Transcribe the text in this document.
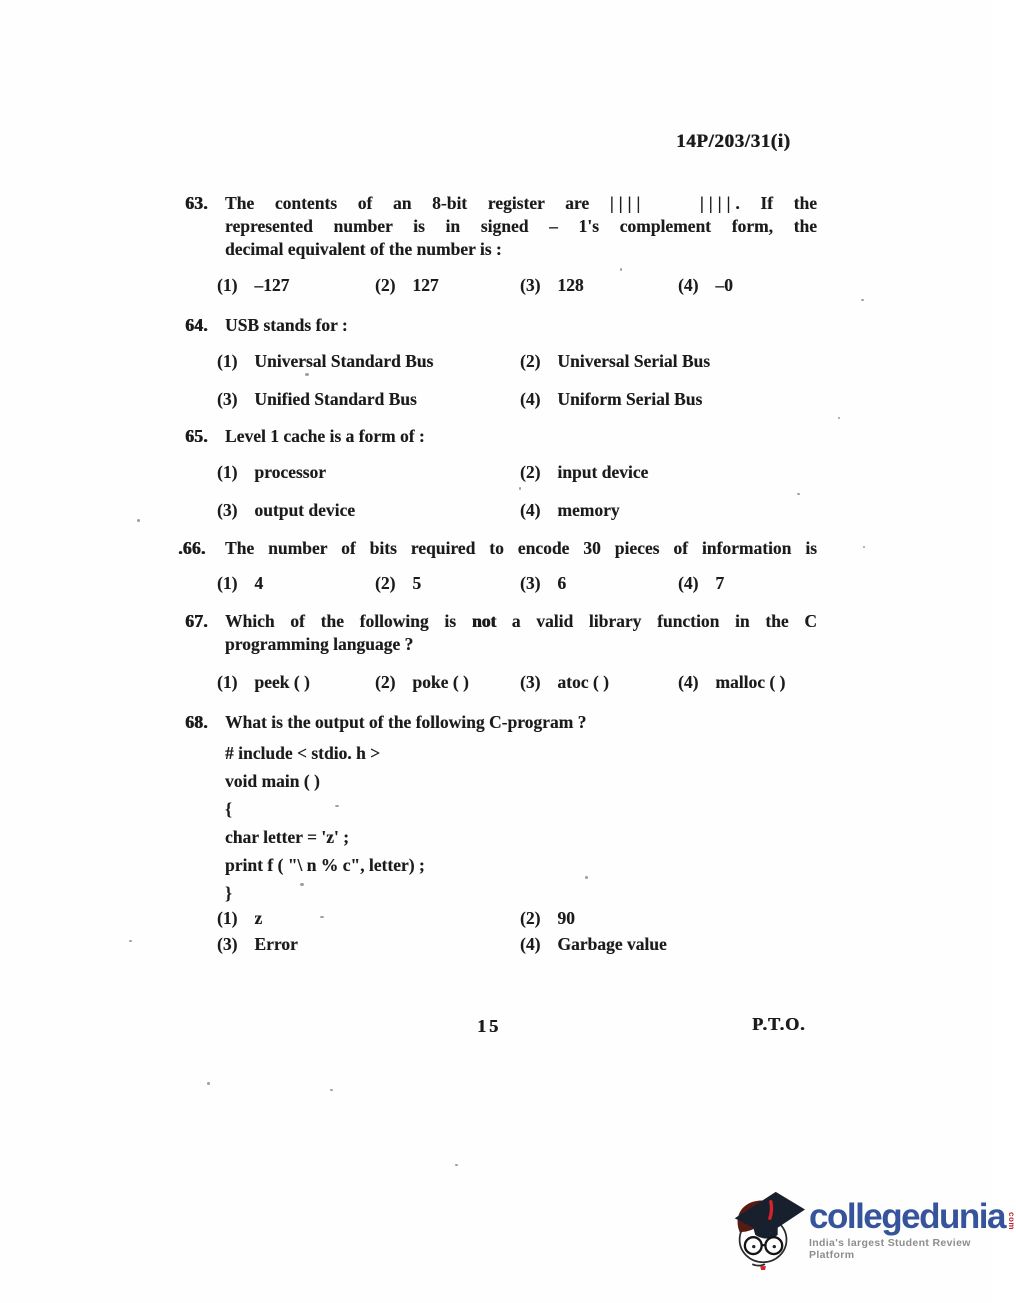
14P/203/31(i)
63. The contents of an 8-bit register are ||||	||||. If the
represented number is in signed – 1's complement form, the
decimal equivalent of the number is :
(1) –127	(2) 127	(3) 128	(4) –0
64. USB stands for :
(1) Universal Standard Bus	(2) Universal Serial Bus
(3) Unified Standard Bus	(4) Uniform Serial Bus
65. Level 1 cache is a form of :
(1) processor	(2) input device
(3) output device	(4) memory
.66. The number of bits required to encode 30 pieces of information is
(1) 4	(2) 5	(3) 6	(4) 7
67. Which of the following is not a valid library function in the C
programming language ?
(1) peek ( )	(2) poke ( )	(3) atoc ( )	(4) malloc ( )
68. What is the output of the following C-program ?
# include < stdio. h >
void main ( )
{
char letter = 'z' ;
print f ( "\ n % c", letter) ;
}
(1) z	(2) 90
(3) Error	(4) Garbage value
15	P.T.O.
collegedunia com
India's largest Student Review Platform
